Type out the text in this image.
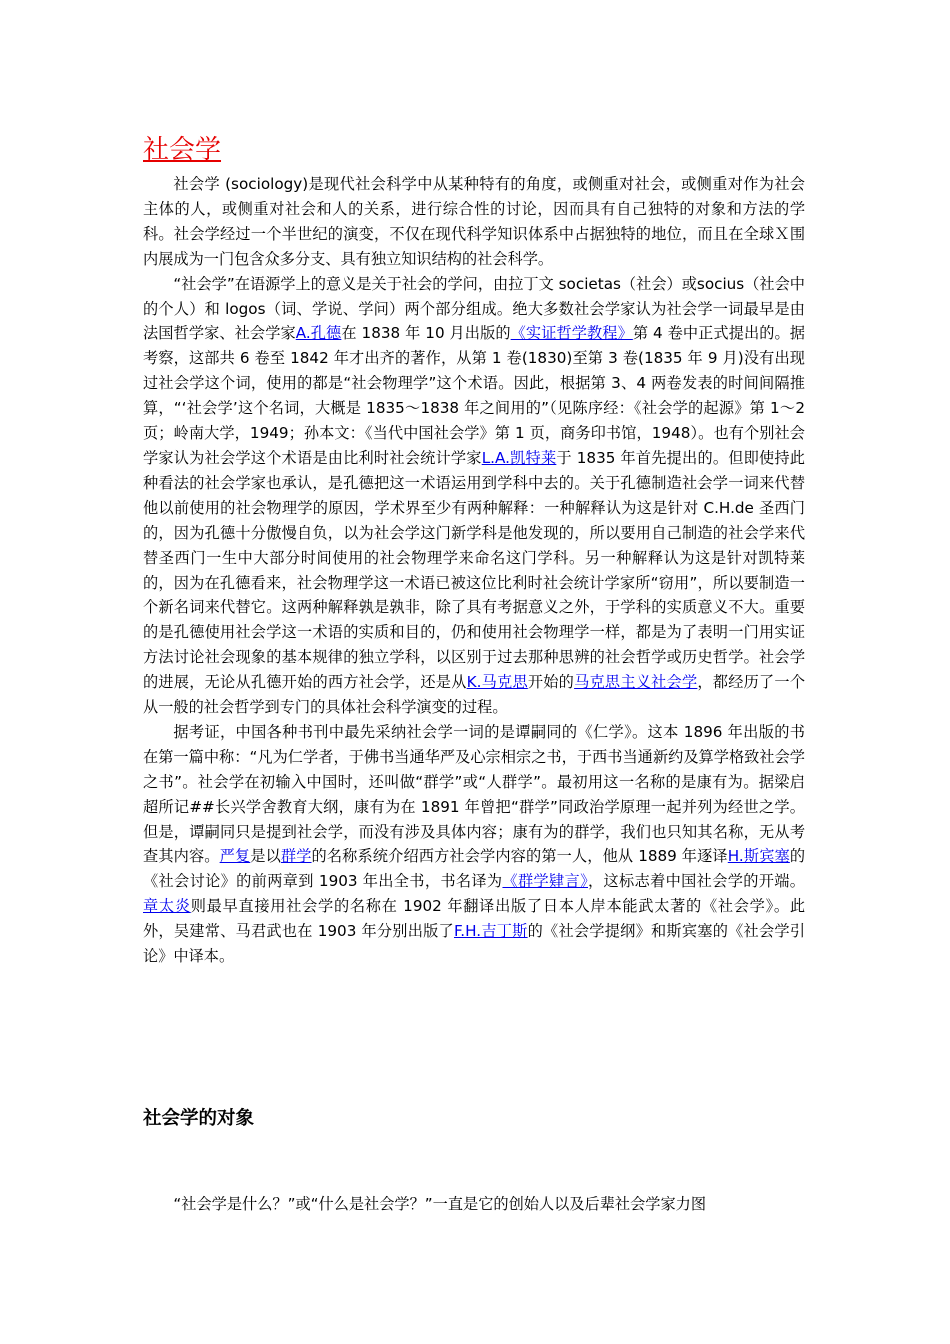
社会学

社会学 (sociology)是现代社会科学中从某种特有的角度，或侧重对社会，或侧重对作为社会主体的人，或侧重对社会和人的关系，进行综合性的讨论，因而具有自己独特的对象和方法的学科。社会学经过一个半世纪的演变，不仅在现代科学知识体系中占据独特的地位，而且在全球Ｘ围内展成为一门包含众多分支、具有独立知识结构的社会科学。

“社会学”在语源学上的意义是关于社会的学问，由拉丁文 societas（社会）或socius（社会中的个人）和 logos（词、学说、学问）两个部分组成。绝大多数社会学家认为社会学一词最早是由法国哲学家、社会学家A.孔德在 1838 年 10 月出版的《实证哲学教程》第 4 卷中正式提出的。据考察，这部共 6 卷至 1842 年才出齐的著作，从第 1 卷(1830)至第 3 卷(1835 年 9 月)没有出现过社会学这个词，使用的都是“社会物理学”这个术语。因此，根据第 3、4 两卷发表的时间间隔推算，“‘社会学’这个名词，大概是 1835～1838 年之间用的”（见陈序经：《社会学的起源》第 1～2 页；岭南大学，1949；孙本文：《当代中国社会学》第 1 页，商务印书馆，1948）。也有个别社会学家认为社会学这个术语是由比利时社会统计学家L.A.凯特莱于 1835 年首先提出的。但即使持此种看法的社会学家也承认，是孔德把这一术语运用到学科中去的。关于孔德制造社会学一词来代替他以前使用的社会物理学的原因，学术界至少有两种解释：一种解释认为这是针对 C.H.de 圣西门的，因为孔德十分傲慢自负，以为社会学这门新学科是他发现的，所以要用自己制造的社会学来代替圣西门一生中大部分时间使用的社会物理学来命名这门学科。另一种解释认为这是针对凯特莱的，因为在孔德看来，社会物理学这一术语已被这位比利时社会统计学家所“窃用”，所以要制造一个新名词来代替它。这两种解释孰是孰非，除了具有考据意义之外，于学科的实质意义不大。重要的是孔德使用社会学这一术语的实质和目的，仍和使用社会物理学一样，都是为了表明一门用实证方法讨论社会现象的基本规律的独立学科，以区别于过去那种思辨的社会哲学或历史哲学。社会学的进展，无论从孔德开始的西方社会学，还是从K.马克思开始的马克思主义社会学，都经历了一个从一般的社会哲学到专门的具体社会科学演变的过程。

据考证，中国各种书刊中最先采纳社会学一词的是谭嗣同的《仁学》。这本 1896 年出版的书在第一篇中称：“凡为仁学者，于佛书当通华严及心宗相宗之书，于西书当通新约及算学格致社会学之书”。社会学在初输入中国时，还叫做“群学”或“人群学”。最初用这一名称的是康有为。据梁启超所记##长兴学舍教育大纲，康有为在 1891 年曾把“群学”同政治学原理一起并列为经世之学。但是，谭嗣同只是提到社会学，而没有涉及具体内容；康有为的群学，我们也只知其名称，无从考查其内容。严复是以群学的名称系统介绍西方社会学内容的第一人，他从 1889 年逐译H.斯宾塞的《社会讨论》的前两章到 1903 年出全书，书名译为《群学肄言》，这标志着中国社会学的开端。章太炎则最早直接用社会学的名称在 1902 年翻译出版了日本人岸本能武太著的《社会学》。此外，吴建常、马君武也在 1903 年分别出版了F.H.吉丁斯的《社会学提纲》和斯宾塞的《社会学引论》中译本。

社会学的对象

“社会学是什么？”或“什么是社会学？”一直是它的创始人以及后辈社会学家力图
